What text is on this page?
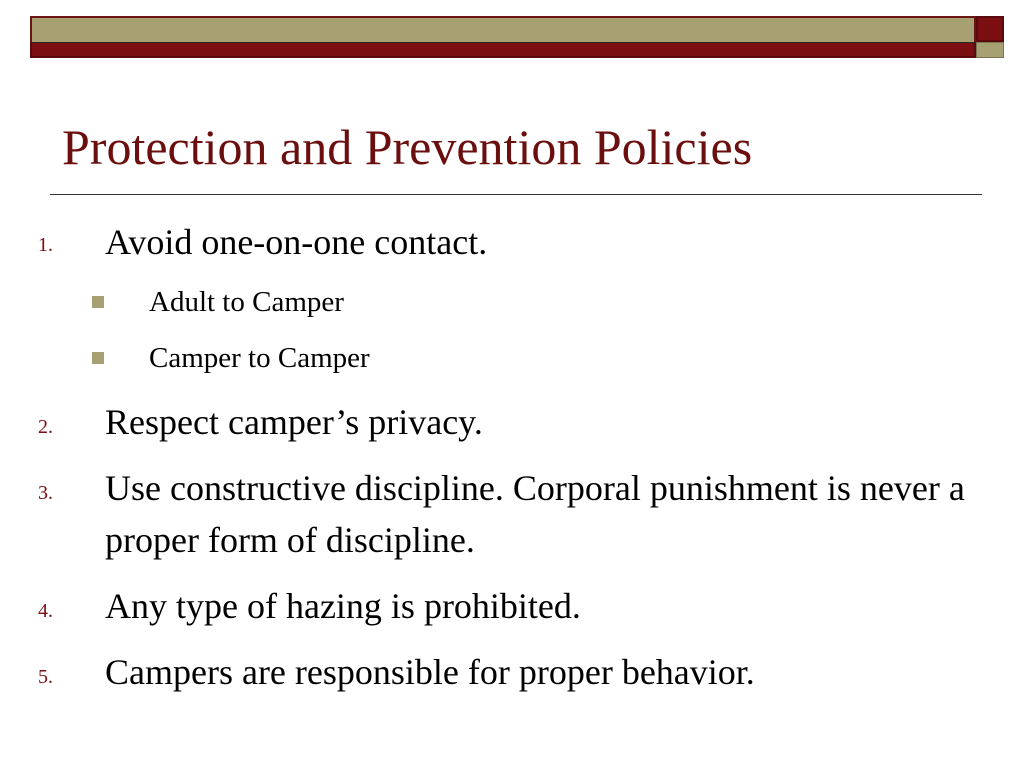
Protection and Prevention Policies
1. Avoid one-on-one contact.
Adult to Camper
Camper to Camper
2. Respect camper’s privacy.
3. Use constructive discipline. Corporal punishment is never a proper form of discipline.
4. Any type of hazing is prohibited.
5. Campers are responsible for proper behavior.
